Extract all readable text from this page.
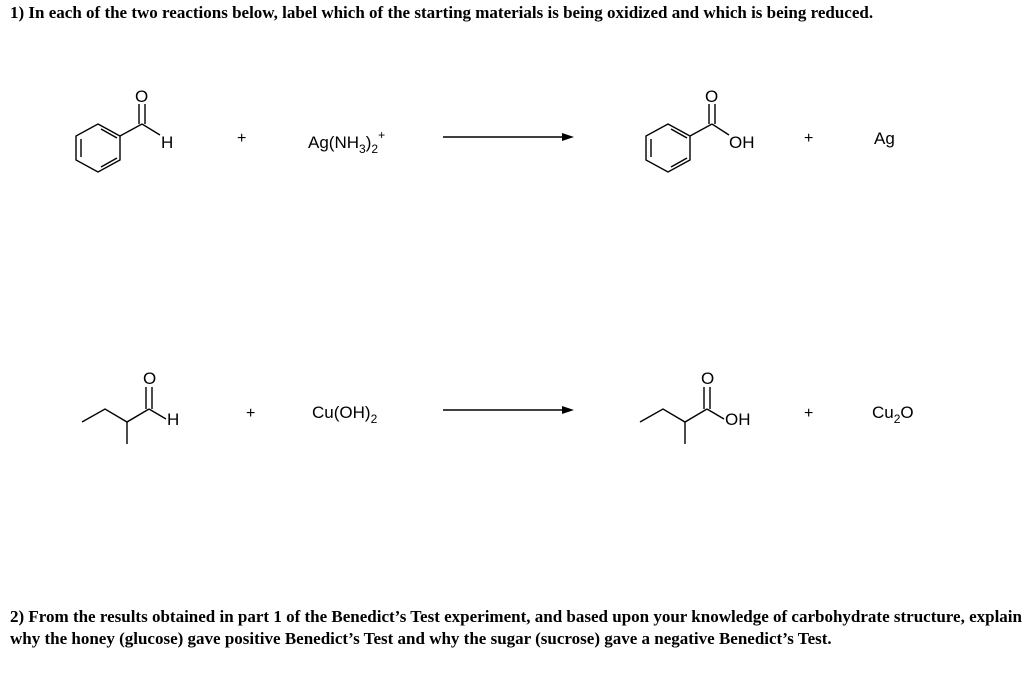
1) In each of the two reactions below, label which of the starting materials is being oxidized and which is being reduced.
O
H	+	$Ag(NH_3)_2^+$
O
OH	+	Ag
O
H	+	$Cu(OH)_2$
O
OH	+	$Cu_2O$
2) From the results obtained in part 1 of the Benedict’s Test experiment, and based upon your knowledge of carbohydrate structure, explain why the honey (glucose) gave positive Benedict’s Test and why the sugar (sucrose) gave a negative Benedict’s Test.
